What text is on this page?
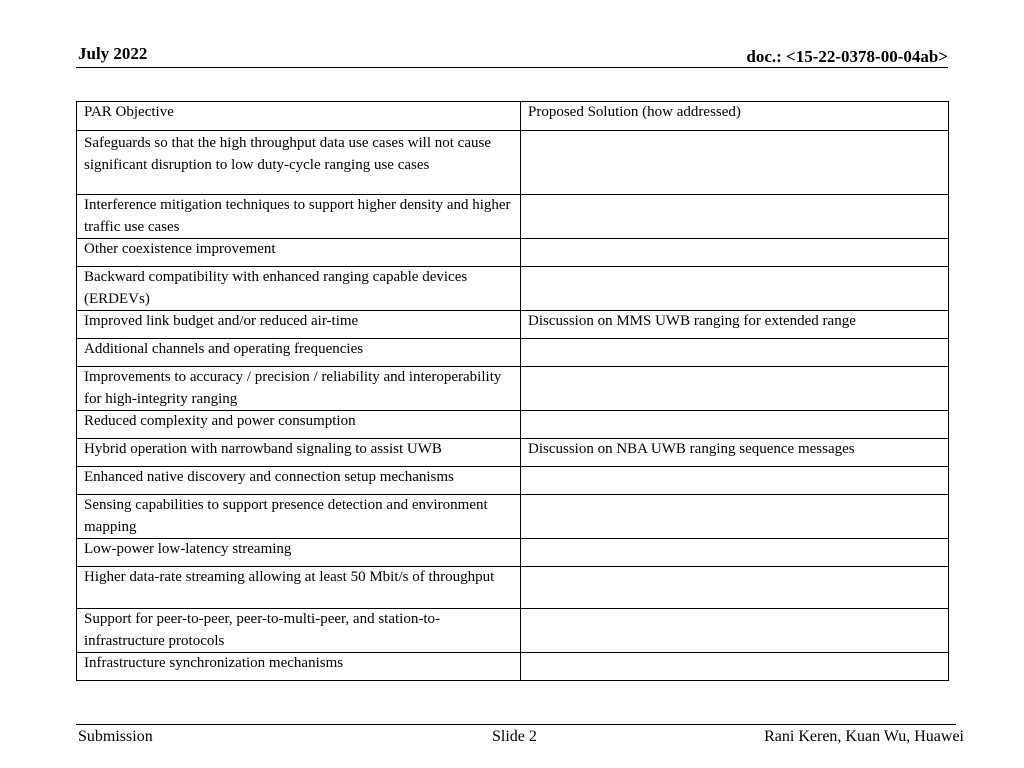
July 2022	doc.: <15-22-0378-00-04ab>
PAR Objective	Proposed Solution (how addressed)
Safeguards so that the high throughput data use cases will not cause significant disruption to low duty-cycle ranging use cases	
Interference mitigation techniques to support higher density and higher traffic use cases	
Other coexistence improvement	
Backward compatibility with enhanced ranging capable devices (ERDEVs)	
Improved link budget and/or reduced air-time	Discussion on MMS UWB ranging for extended range
Additional channels and operating frequencies	
Improvements to accuracy / precision / reliability and interoperability for high-integrity ranging	
Reduced complexity and power consumption	
Hybrid operation with narrowband signaling to assist UWB	Discussion on NBA UWB ranging sequence messages
Enhanced native discovery and connection setup mechanisms	
Sensing capabilities to support presence detection and environment mapping	
Low-power low-latency streaming	
Higher data-rate streaming allowing at least 50 Mbit/s of throughput	
Support for peer-to-peer, peer-to-multi-peer, and station-to-infrastructure protocols	
Infrastructure synchronization mechanisms	
Submission	Slide 2	Rani Keren, Kuan Wu, Huawei
